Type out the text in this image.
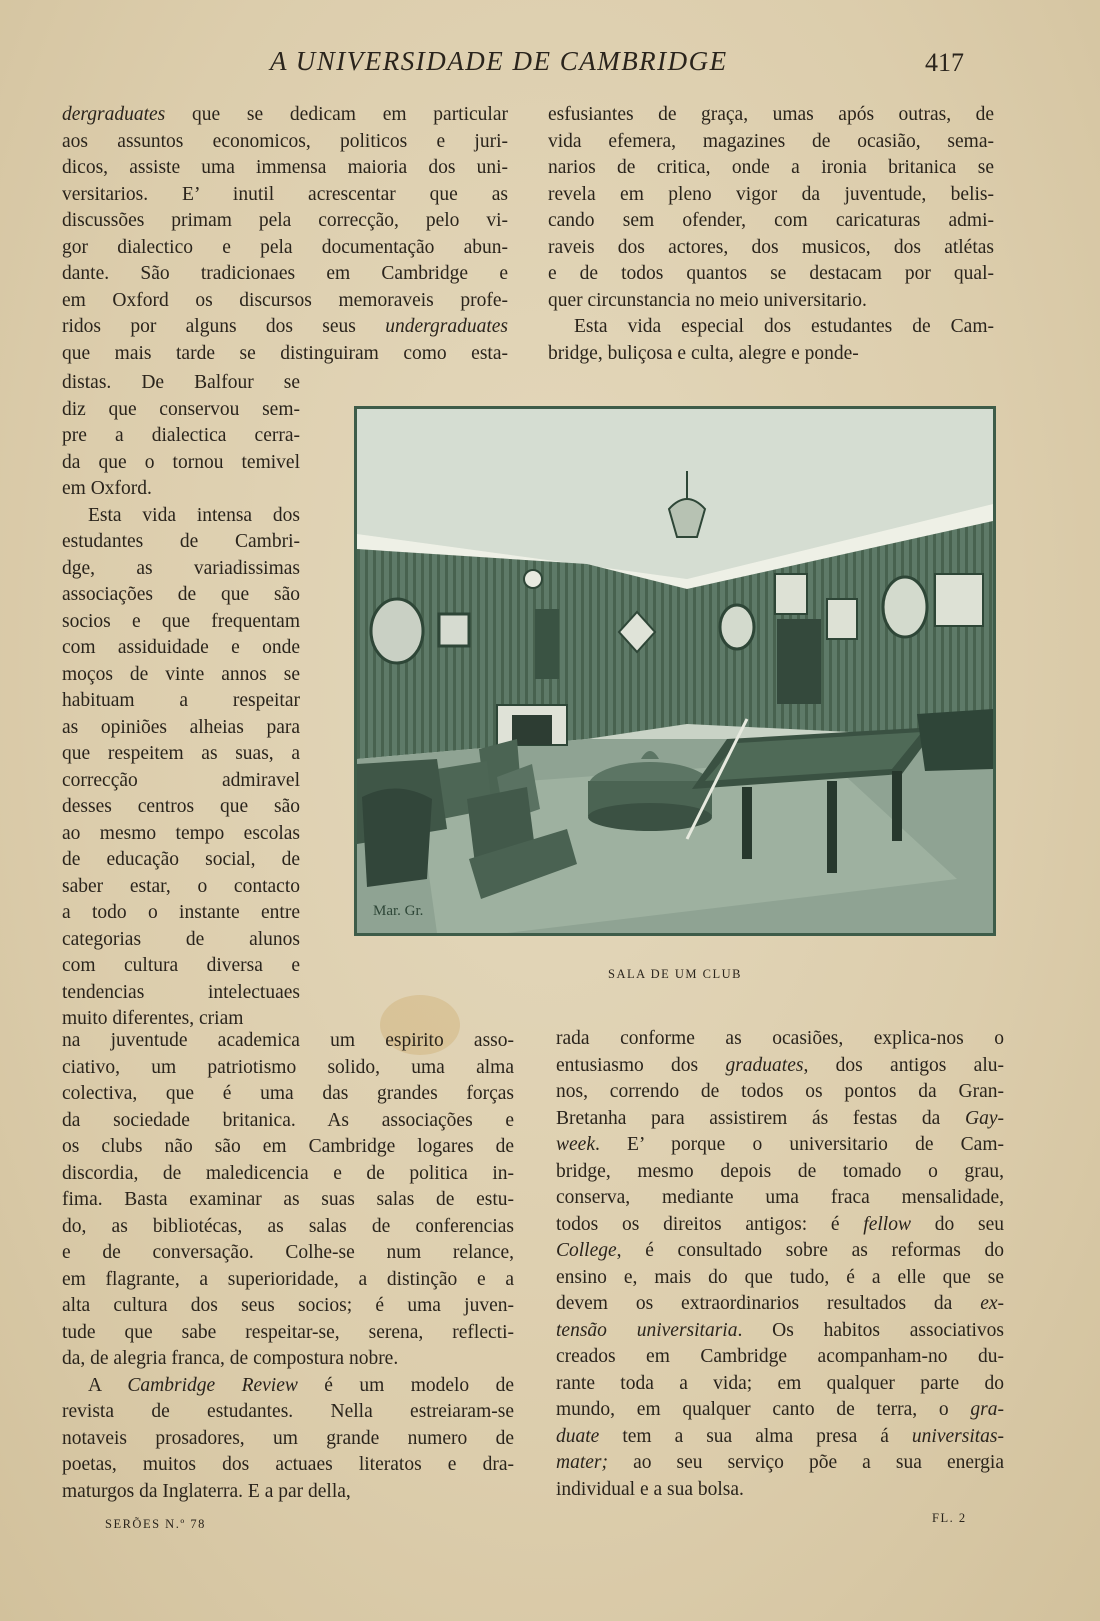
A UNIVERSIDADE DE CAMBRIDGE	417
dergraduates que se dedicam em particular
aos assuntos economicos, politicos e juri-
dicos, assiste uma immensa maioria dos uni-
versitarios. E’ inutil acrescentar que as
discussões primam pela correcção, pelo vi-
gor dialectico e pela documentação abun-
dante. São tradicionaes em Cambridge e
em Oxford os discursos memoraveis profe-
ridos por alguns dos seus undergraduates
que mais tarde se distinguiram como esta-
distas. De Balfour se
diz que conservou sem-
pre a dialectica cerra-
da que o tornou temivel
em Oxford.
Esta vida intensa dos
estudantes de Cambri-
dge, as variadissimas
associações de que são
socios e que frequentam
com assiduidade e onde
moços de vinte annos se
habituam a respeitar
as opiniões alheias para
que respeitem as suas, a
correcção admiravel
desses centros que são
ao mesmo tempo escolas
de educação social, de
saber estar, o contacto
a todo o instante entre
categorias de alunos
com cultura diversa e
tendencias intelectuaes
muito diferentes, criam
na juventude academica um espirito asso-
ciativo, um patriotismo solido, uma alma
colectiva, que é uma das grandes forças
da sociedade britanica. As associações e
os clubs não são em Cambridge logares de
discordia, de maledicencia e de politica in-
fima. Basta examinar as suas salas de estu-
do, as bibliotécas, as salas de conferencias
e de conversação. Colhe-se num relance,
em flagrante, a superioridade, a distinção e a
alta cultura dos seus socios; é uma juven-
tude que sabe respeitar-se, serena, reflecti-
da, de alegria franca, de compostura nobre.
A Cambridge Review é um modelo de
revista de estudantes. Nella estreiaram-se
notaveis prosadores, um grande numero de
poetas, muitos dos actuaes literatos e dra-
maturgos da Inglaterra. E a par della,
esfusiantes de graça, umas após outras, de
vida efemera, magazines de ocasião, sema-
narios de critica, onde a ironia britanica se
revela em pleno vigor da juventude, belis-
cando sem ofender, com caricaturas admi-
raveis dos actores, dos musicos, dos atlétas
e de todos quantos se destacam por qual-
quer circunstancia no meio universitario.
Esta vida especial dos estudantes de Cam-
bridge, buliçosa e culta, alegre e ponde-
rada conforme as ocasiões, explica-nos o
entusiasmo dos graduates, dos antigos alu-
nos, correndo de todos os pontos da Gran-
Bretanha para assistirem ás festas da Gay-
week. E’ porque o universitario de Cam-
bridge, mesmo depois de tomado o grau,
conserva, mediante uma fraca mensalidade,
todos os direitos antigos: é fellow do seu
College, é consultado sobre as reformas do
ensino e, mais do que tudo, é a elle que se
devem os extraordinarios resultados da ex-
tensão universitaria. Os habitos associativos
creados em Cambridge acompanham-no du-
rante toda a vida; em qualquer parte do
mundo, em qualquer canto de terra, o gra-
duate tem a sua alma presa á universitas-
mater; ao seu serviço põe a sua energia
individual e a sua bolsa.
Mar. Gr.
SALA DE UM CLUB
SERÕES N.º 78	FL. 2
